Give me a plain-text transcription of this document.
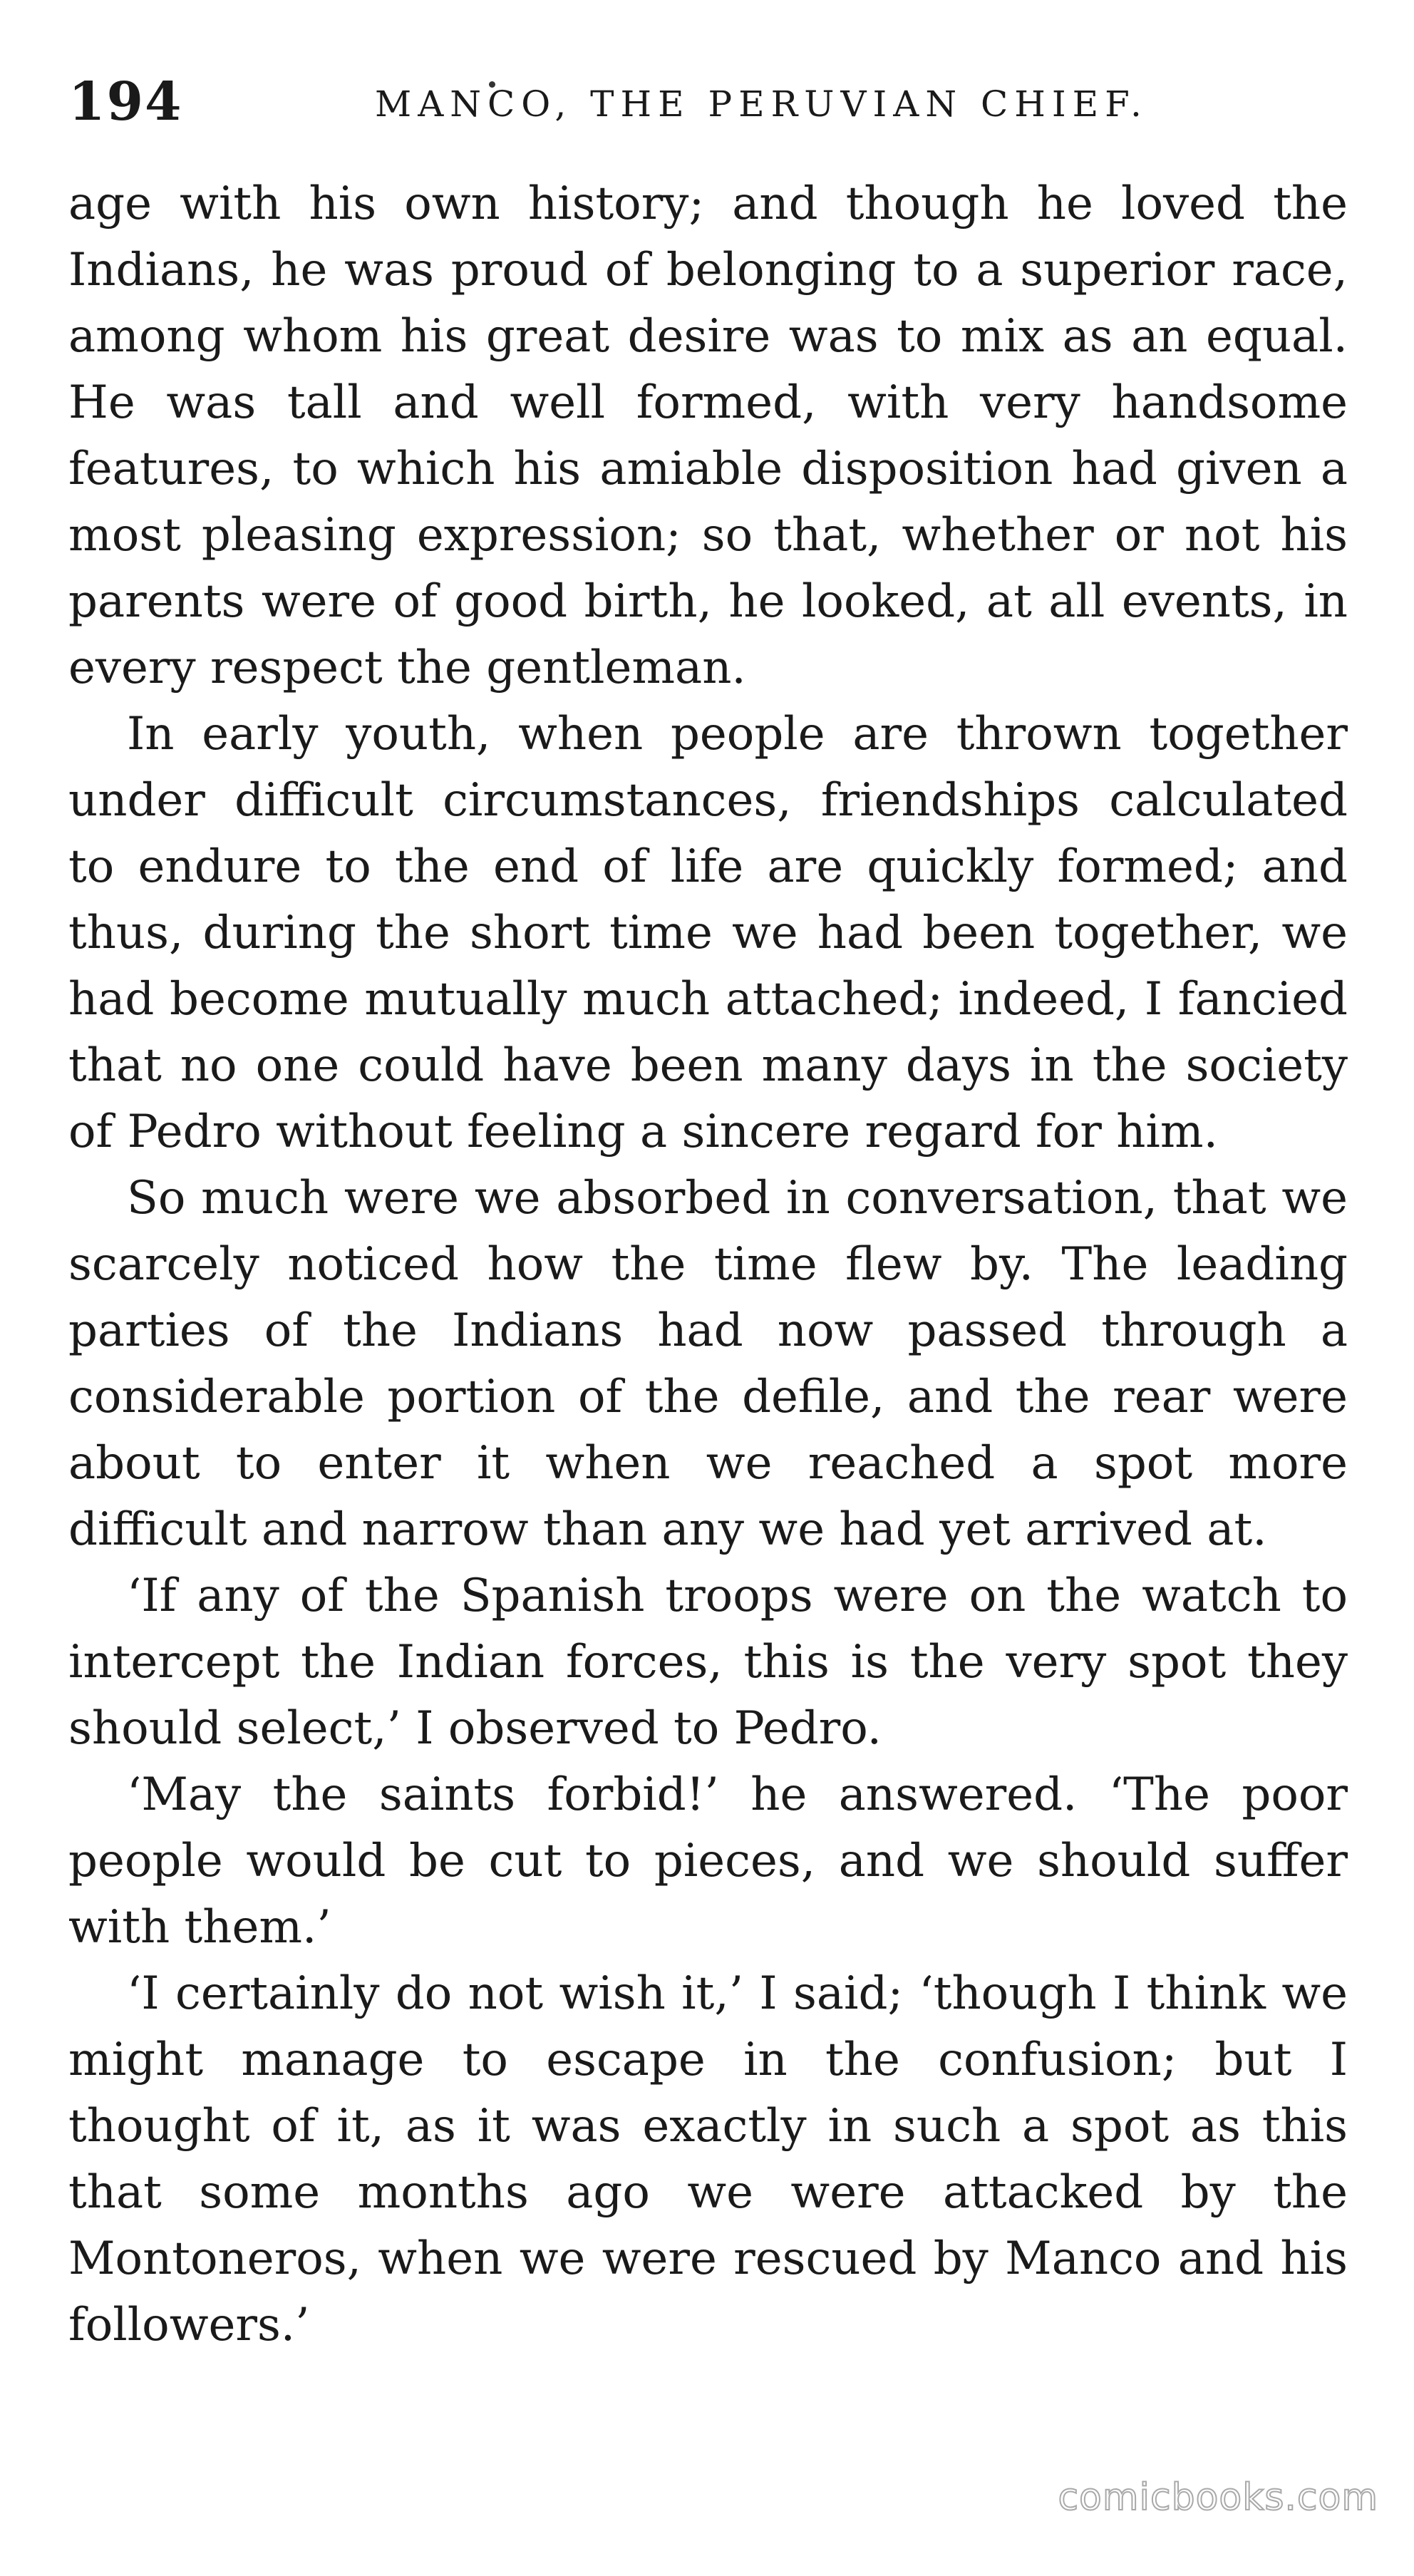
194	MANCO, THE PERUVIAN CHIEF.

age with his own history; and though he loved the Indians, he was proud of belonging to a superior race, among whom his great desire was to mix as an equal. He was tall and well formed, with very handsome features, to which his amiable disposition had given a most pleasing expression; so that, whether or not his parents were of good birth, he looked, at all events, in every respect the gentleman.

In early youth, when people are thrown together under difficult circumstances, friendships calculated to endure to the end of life are quickly formed; and thus, during the short time we had been together, we had become mutually much attached; indeed, I fancied that no one could have been many days in the society of Pedro without feeling a sincere regard for him.

So much were we absorbed in conversation, that we scarcely noticed how the time flew by. The leading parties of the Indians had now passed through a considerable portion of the defile, and the rear were about to enter it when we reached a spot more difficult and narrow than any we had yet arrived at.

‘If any of the Spanish troops were on the watch to intercept the Indian forces, this is the very spot they should select,’ I observed to Pedro.

‘May the saints forbid!’ he answered. ‘The poor people would be cut to pieces, and we should suffer with them.’

‘I certainly do not wish it,’ I said; ‘though I think we might manage to escape in the confusion; but I thought of it, as it was exactly in such a spot as this that some months ago we were attacked by the Montoneros, when we were rescued by Manco and his followers.’

comicbooks.com
